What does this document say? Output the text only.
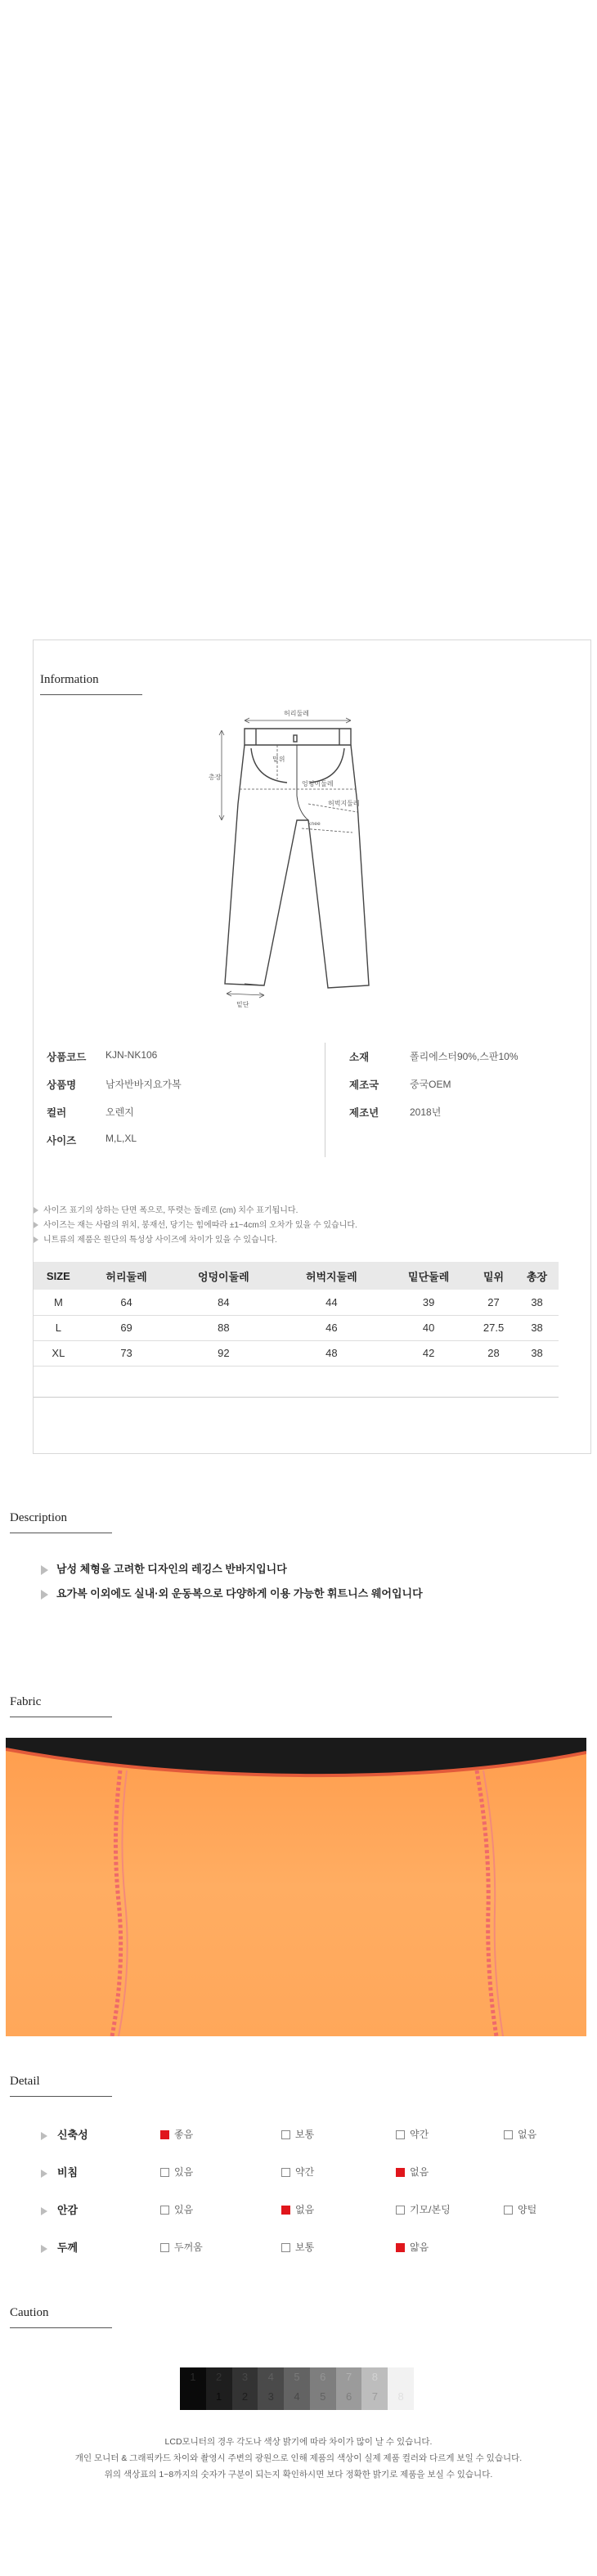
Information
허리둘레
총장
밑위
엉덩이둘레
허벅지둘레
knee
밑단
상품코드 KJN-NK106
상품명	남자반바지요가복
컬러	오렌지
사이즈	M,L,XL
소재	폴리에스터90%,스판10%
제조국	중국OEM
제조년	2018년
사이즈 표기의 상하는 단면 폭으로, 뚜렷는 둘레로 (cm) 치수 표기됩니다.
사이즈는 재는 사람의 위치, 봉재선, 당기는 힘에따라 ±1~4cm의 오차가 있을 수 있습니다.
니트류의 제품은 원단의 특성상 사이즈에 차이가 있을 수 있습니다.
SIZE	허리둘레	엉덩이둘레	허벅지둘레	밑단둘레	밑위	총장
M	64	84	44	39	27	38
L	69	88	46	40	27.5	38
XL	73	92	48	42	28	38
Description
남성 체형을 고려한 디자인의 레깅스 반바지입니다
요가복 이외에도 실내·외 운동복으로 다양하게 이용 가능한 휘트니스 웨어입니다
Fabric
Detail
신축성	좋음	보통	약간	없음
비침	있음	약간	없음
안감	있음	없음	기모/본딩	양털
두께	두꺼움	보통	얇음
Caution
1	2
1
3
2
4
3
5
4
6
5
7
6
8
7	8
LCD모니터의 경우 각도나 색상 밝기에 따라 차이가 많이 날 수 있습니다.
개인 모니터 & 그래픽카드 차이와 촬영시 주변의 광원으로 인해 제품의 색상이 실제 제품 컬러와 다르게 보일 수 있습니다.
위의 색상표의 1~8까지의 숫자가 구분이 되는지 확인하시면 보다 정확한 밝기로 제품을 보실 수 있습니다.
